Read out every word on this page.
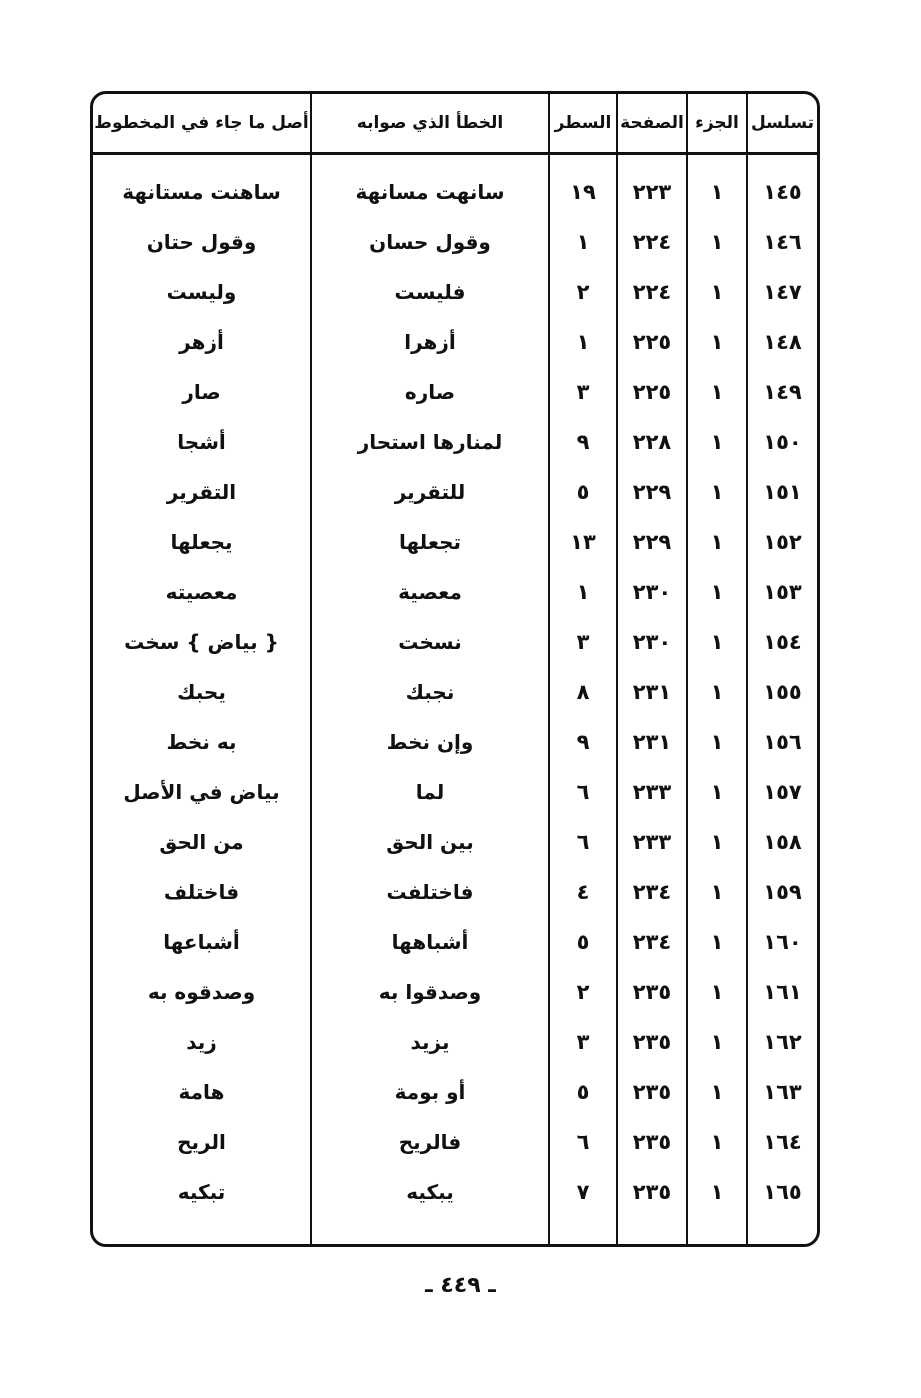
تسلسل	الجزء	الصفحة	السطر	الخطأ الذي صوابه	أصل ما جاء في المخطوط

١٤٥	١	٢٢٣	١٩	سانهت مسانهة	ساهنت مستانهة
١٤٦	١	٢٢٤	١	وقول حسان	وقول حتان
١٤٧	١	٢٢٤	٢	فليست	وليست
١٤٨	١	٢٢٥	١	أزهرا	أزهر
١٤٩	١	٢٢٥	٣	صاره	صار
١٥٠	١	٢٢٨	٩	لمنارها استحار	أشجا
١٥١	١	٢٢٩	٥	للتقرير	التقرير
١٥٢	١	٢٢٩	١٣	تجعلها	يجعلها
١٥٣	١	٢٣٠	١	معصية	معصيته
١٥٤	١	٢٣٠	٣	نسخت	{ بياض } سخت
١٥٥	١	٢٣١	٨	نجبك	يحبك
١٥٦	١	٢٣١	٩	وإن نخط	به نخط
١٥٧	١	٢٣٣	٦	لما	بياض في الأصل
١٥٨	١	٢٣٣	٦	بين الحق	من الحق
١٥٩	١	٢٣٤	٤	فاختلفت	فاختلف
١٦٠	١	٢٣٤	٥	أشباهها	أشباعها
١٦١	١	٢٣٥	٢	وصدقوا به	وصدقوه به
١٦٢	١	٢٣٥	٣	يزيد	زيد
١٦٣	١	٢٣٥	٥	أو بومة	هامة
١٦٤	١	٢٣٥	٦	فالريح	الريح
١٦٥	١	٢٣٥	٧	يبكيه	تبكيه

ـ ٤٤٩ ـ
